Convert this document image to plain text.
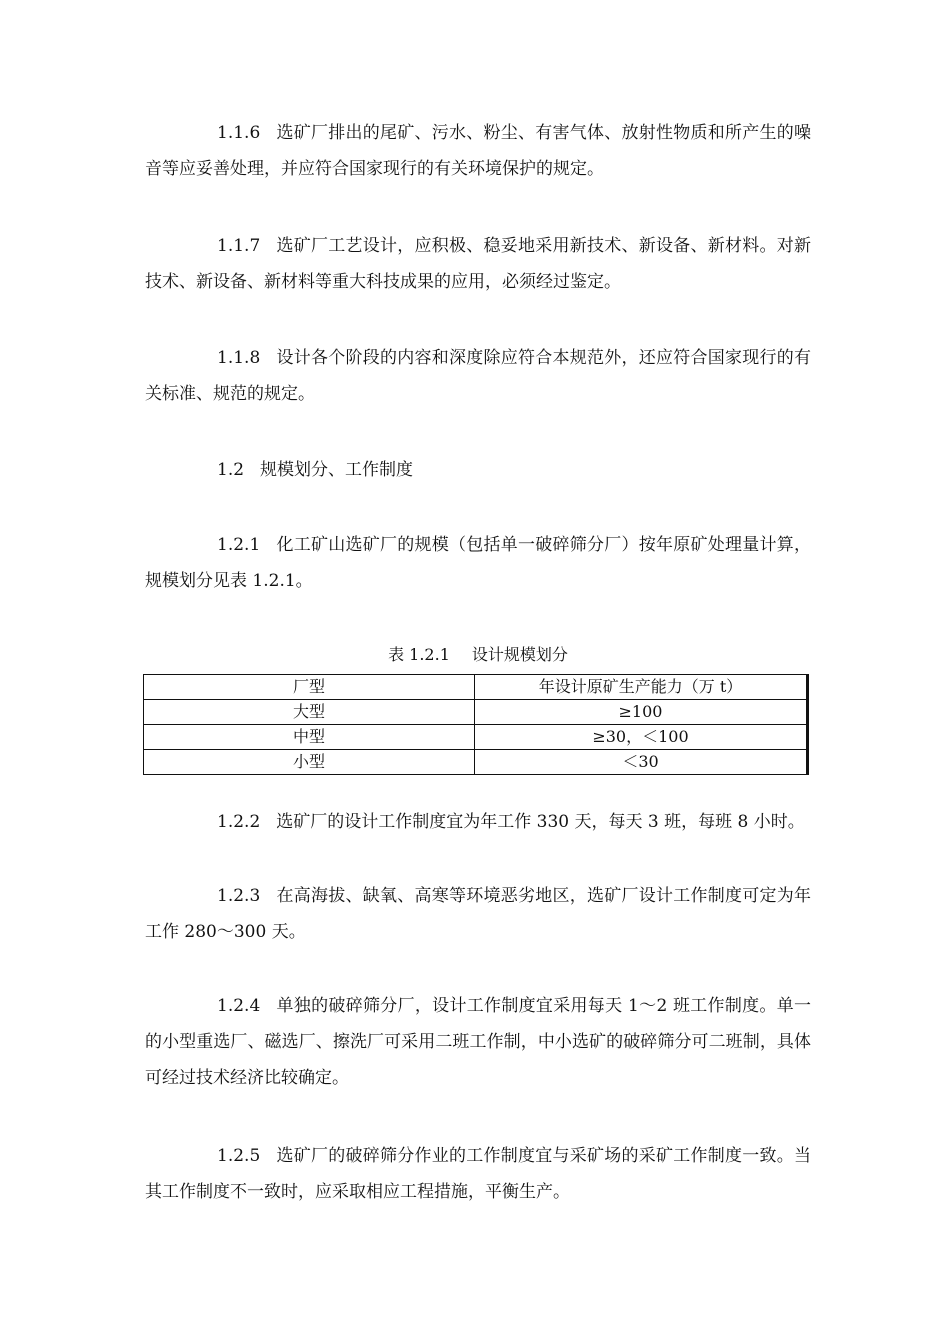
1.1.6 选矿厂排出的尾矿、污水、粉尘、有害气体、放射性物质和所产生的噪音等应妥善处理，并应符合国家现行的有关环境保护的规定。

1.1.7 选矿厂工艺设计，应积极、稳妥地采用新技术、新设备、新材料。对新技术、新设备、新材料等重大科技成果的应用，必须经过鉴定。

1.1.8 设计各个阶段的内容和深度除应符合本规范外，还应符合国家现行的有关标准、规范的规定。

1.2 规模划分、工作制度

1.2.1 化工矿山选矿厂的规模（包括单一破碎筛分厂）按年原矿处理量计算，规模划分见表 1.2.1。

表 1.2.1 设计规模划分
厂型	年设计原矿生产能力（万 t）
大型	≥100
中型	≥30，＜100
小型	＜30

1.2.2 选矿厂的设计工作制度宜为年工作 330 天，每天 3 班，每班 8 小时。

1.2.3 在高海拔、缺氧、高寒等环境恶劣地区，选矿厂设计工作制度可定为年工作 280～300 天。

1.2.4 单独的破碎筛分厂，设计工作制度宜采用每天 1～2 班工作制度。单一的小型重选厂、磁选厂、擦洗厂可采用二班工作制，中小选矿的破碎筛分可二班制，具体可经过技术经济比较确定。

1.2.5 选矿厂的破碎筛分作业的工作制度宜与采矿场的采矿工作制度一致。当其工作制度不一致时，应采取相应工程措施，平衡生产。
